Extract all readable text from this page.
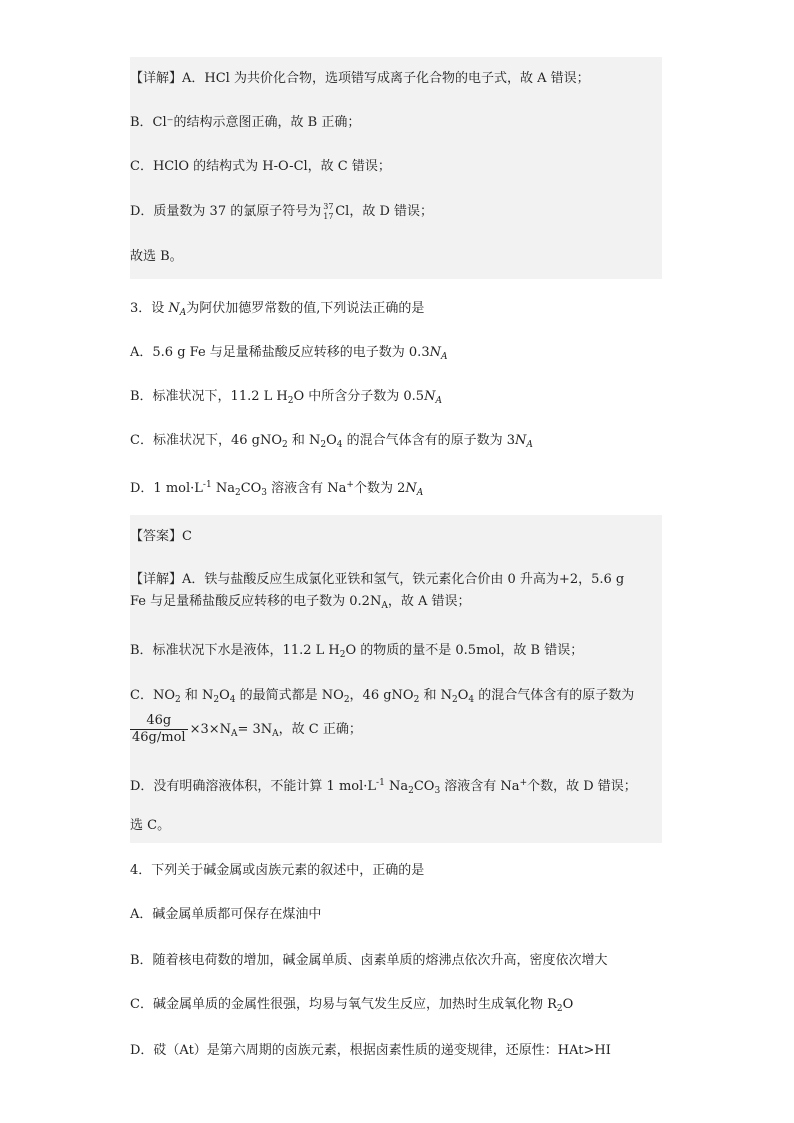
【详解】A．HCl 为共价化合物，选项错写成离子化合物的电子式，故 A 错误；
B．Cl⁻的结构示意图正确，故 B 正确；
C．HClO 的结构式为 H-O-Cl，故 C 错误；
D．质量数为 37 的氯原子符号为 37
17 Cl，故 D 错误；
故选 B。
3．设 $N_A$为阿伏加德罗常数的值,下列说法正确的是
A．5.6 g Fe 与足量稀盐酸反应转移的电子数为 $0.3N_A$
B．标准状况下，11.2 L $H_2O$ 中所含分子数为 $0.5N_A$
C．标准状况下，46 gNO$_2$ 和 $N_2O_4$ 的混合气体含有的原子数为 $3N_A$
D．1 $mol\cdot L^{-1}$ $Na_2CO_3$ 溶液含有 Na+个数为 $2N_A$
【答案】C
【详解】A．铁与盐酸反应生成氯化亚铁和氢气，铁元素化合价由 0 升高为+2，5.6 g
Fe 与足量稀盐酸反应转移的电子数为 $0.2N_A$，故 A 错误；
B．标准状况下水是液体，11.2 L $H_2O$ 的物质的量不是 0.5mol，故 B 错误；
C．$NO_2$ 和 $N_2O_4$ 的最简式都是 $NO_2$，46 gNO$_2$ 和 $N_2O_4$ 的混合气体含有的原子数为
$\frac{46g}{\text{46g/mol}} \times 3\times N_A= 3N_A$，故 C 正确；
D．没有明确溶液体积，不能计算 1 $mol\cdot L^{-1}$ $Na_2CO_3$ 溶液含有 Na+个数，故 D 错误；
选 C。
4．下列关于碱金属或卤族元素的叙述中，正确的是
A．碱金属单质都可保存在煤油中
B．随着核电荷数的增加，碱金属单质、卤素单质的熔沸点依次升高，密度依次增大
C．碱金属单质的金属性很强，均易与氧气发生反应，加热时生成氧化物 $R_2O$
D．砹（At）是第六周期的卤族元素，根据卤素性质的递变规律，还原性：HAt>HI
